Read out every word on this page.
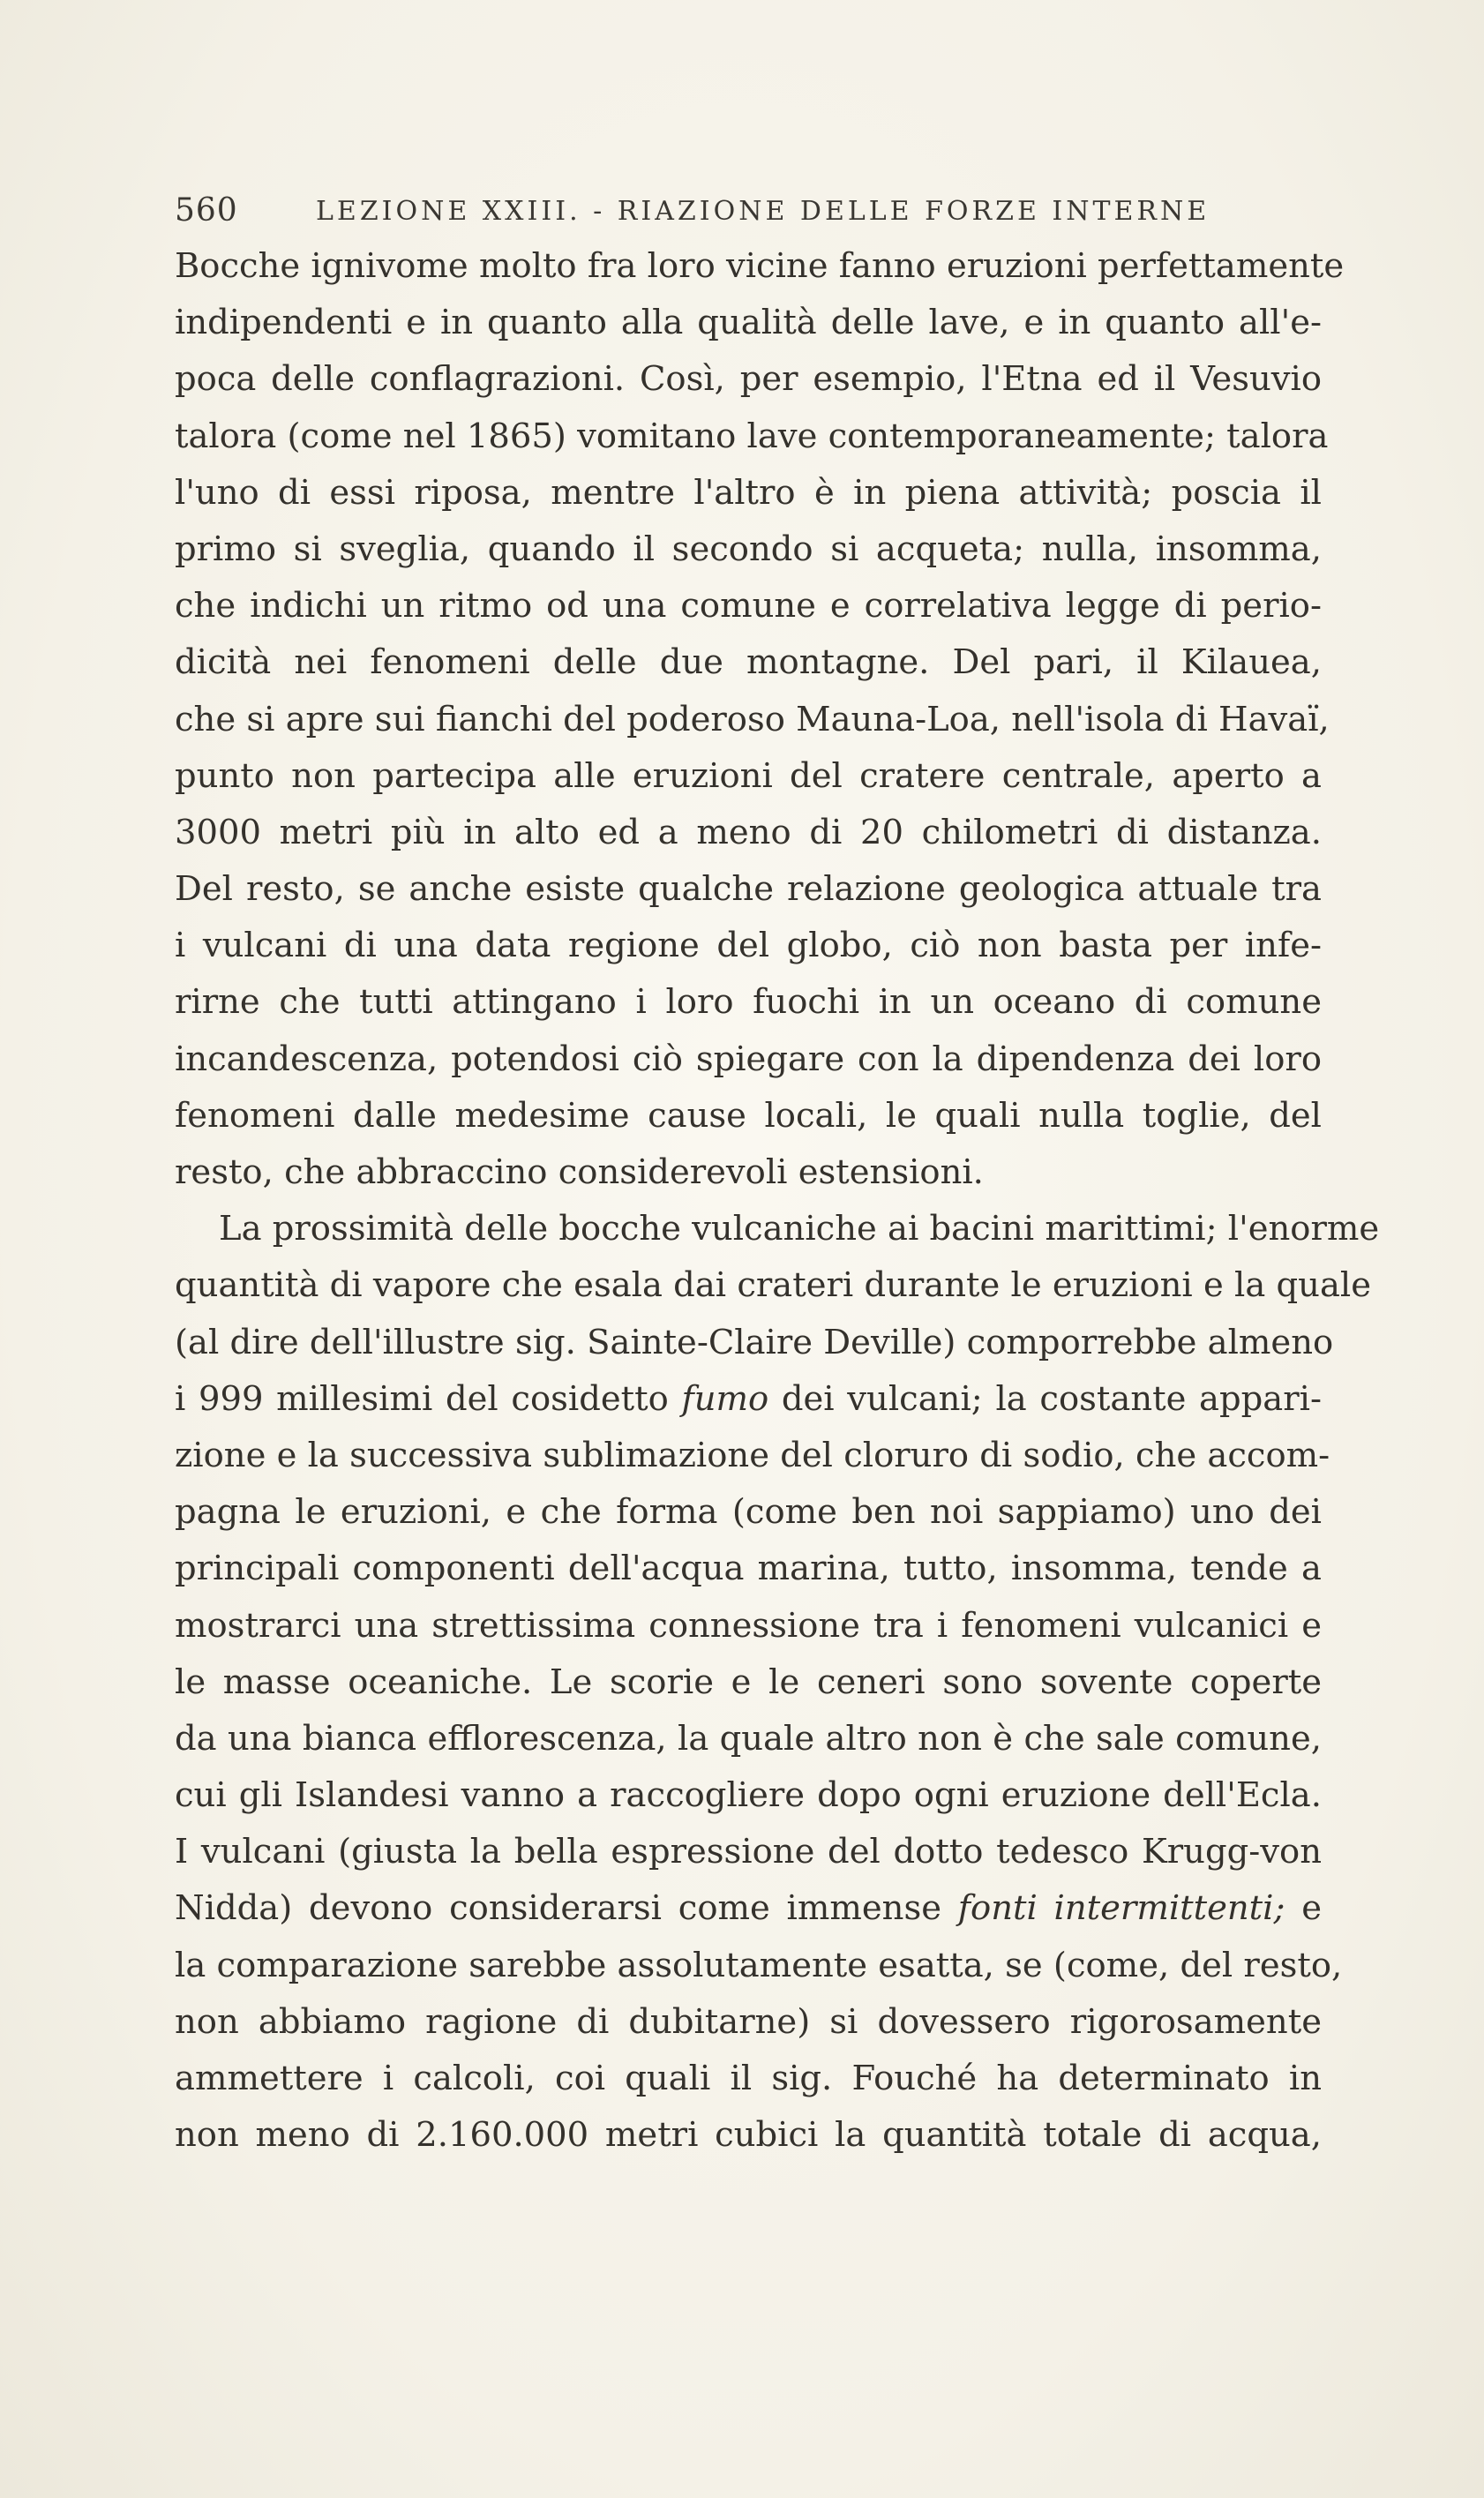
560	LEZIONE XXIII. - RIAZIONE DELLE FORZE INTERNE
Bocche ignivome molto fra loro vicine fanno eruzioni perfettamente
indipendenti e in quanto alla qualità delle lave, e in quanto all'e-
poca delle conflagrazioni. Così, per esempio, l'Etna ed il Vesuvio
talora (come nel 1865) vomitano lave contemporaneamente; talora
l'uno di essi riposa, mentre l'altro è in piena attività; poscia il
primo si sveglia, quando il secondo si acqueta; nulla, insomma,
che indichi un ritmo od una comune e correlativa legge di perio-
dicità nei fenomeni delle due montagne. Del pari, il Kilauea,
che si apre sui fianchi del poderoso Mauna-Loa, nell'isola di Havaï,
punto non partecipa alle eruzioni del cratere centrale, aperto a
3000 metri più in alto ed a meno di 20 chilometri di distanza.
Del resto, se anche esiste qualche relazione geologica attuale tra
i vulcani di una data regione del globo, ciò non basta per infe-
rirne che tutti attingano i loro fuochi in un oceano di comune
incandescenza, potendosi ciò spiegare con la dipendenza dei loro
fenomeni dalle medesime cause locali, le quali nulla toglie, del
resto, che abbraccino considerevoli estensioni.
La prossimità delle bocche vulcaniche ai bacini marittimi; l'enorme
quantità di vapore che esala dai crateri durante le eruzioni e la quale
(al dire dell'illustre sig. Sainte-Claire Deville) comporrebbe almeno
i 999 millesimi del cosidetto fumo dei vulcani; la costante appari-
zione e la successiva sublimazione del cloruro di sodio, che accom-
pagna le eruzioni, e che forma (come ben noi sappiamo) uno dei
principali componenti dell'acqua marina, tutto, insomma, tende a
mostrarci una strettissima connessione tra i fenomeni vulcanici e
le masse oceaniche. Le scorie e le ceneri sono sovente coperte
da una bianca efflorescenza, la quale altro non è che sale comune,
cui gli Islandesi vanno a raccogliere dopo ogni eruzione dell'Ecla.
I vulcani (giusta la bella espressione del dotto tedesco Krugg-von
Nidda) devono considerarsi come immense fonti intermittenti; e
la comparazione sarebbe assolutamente esatta, se (come, del resto,
non abbiamo ragione di dubitarne) si dovessero rigorosamente
ammettere i calcoli, coi quali il sig. Fouché ha determinato in
non meno di 2.160.000 metri cubici la quantità totale di acqua,
